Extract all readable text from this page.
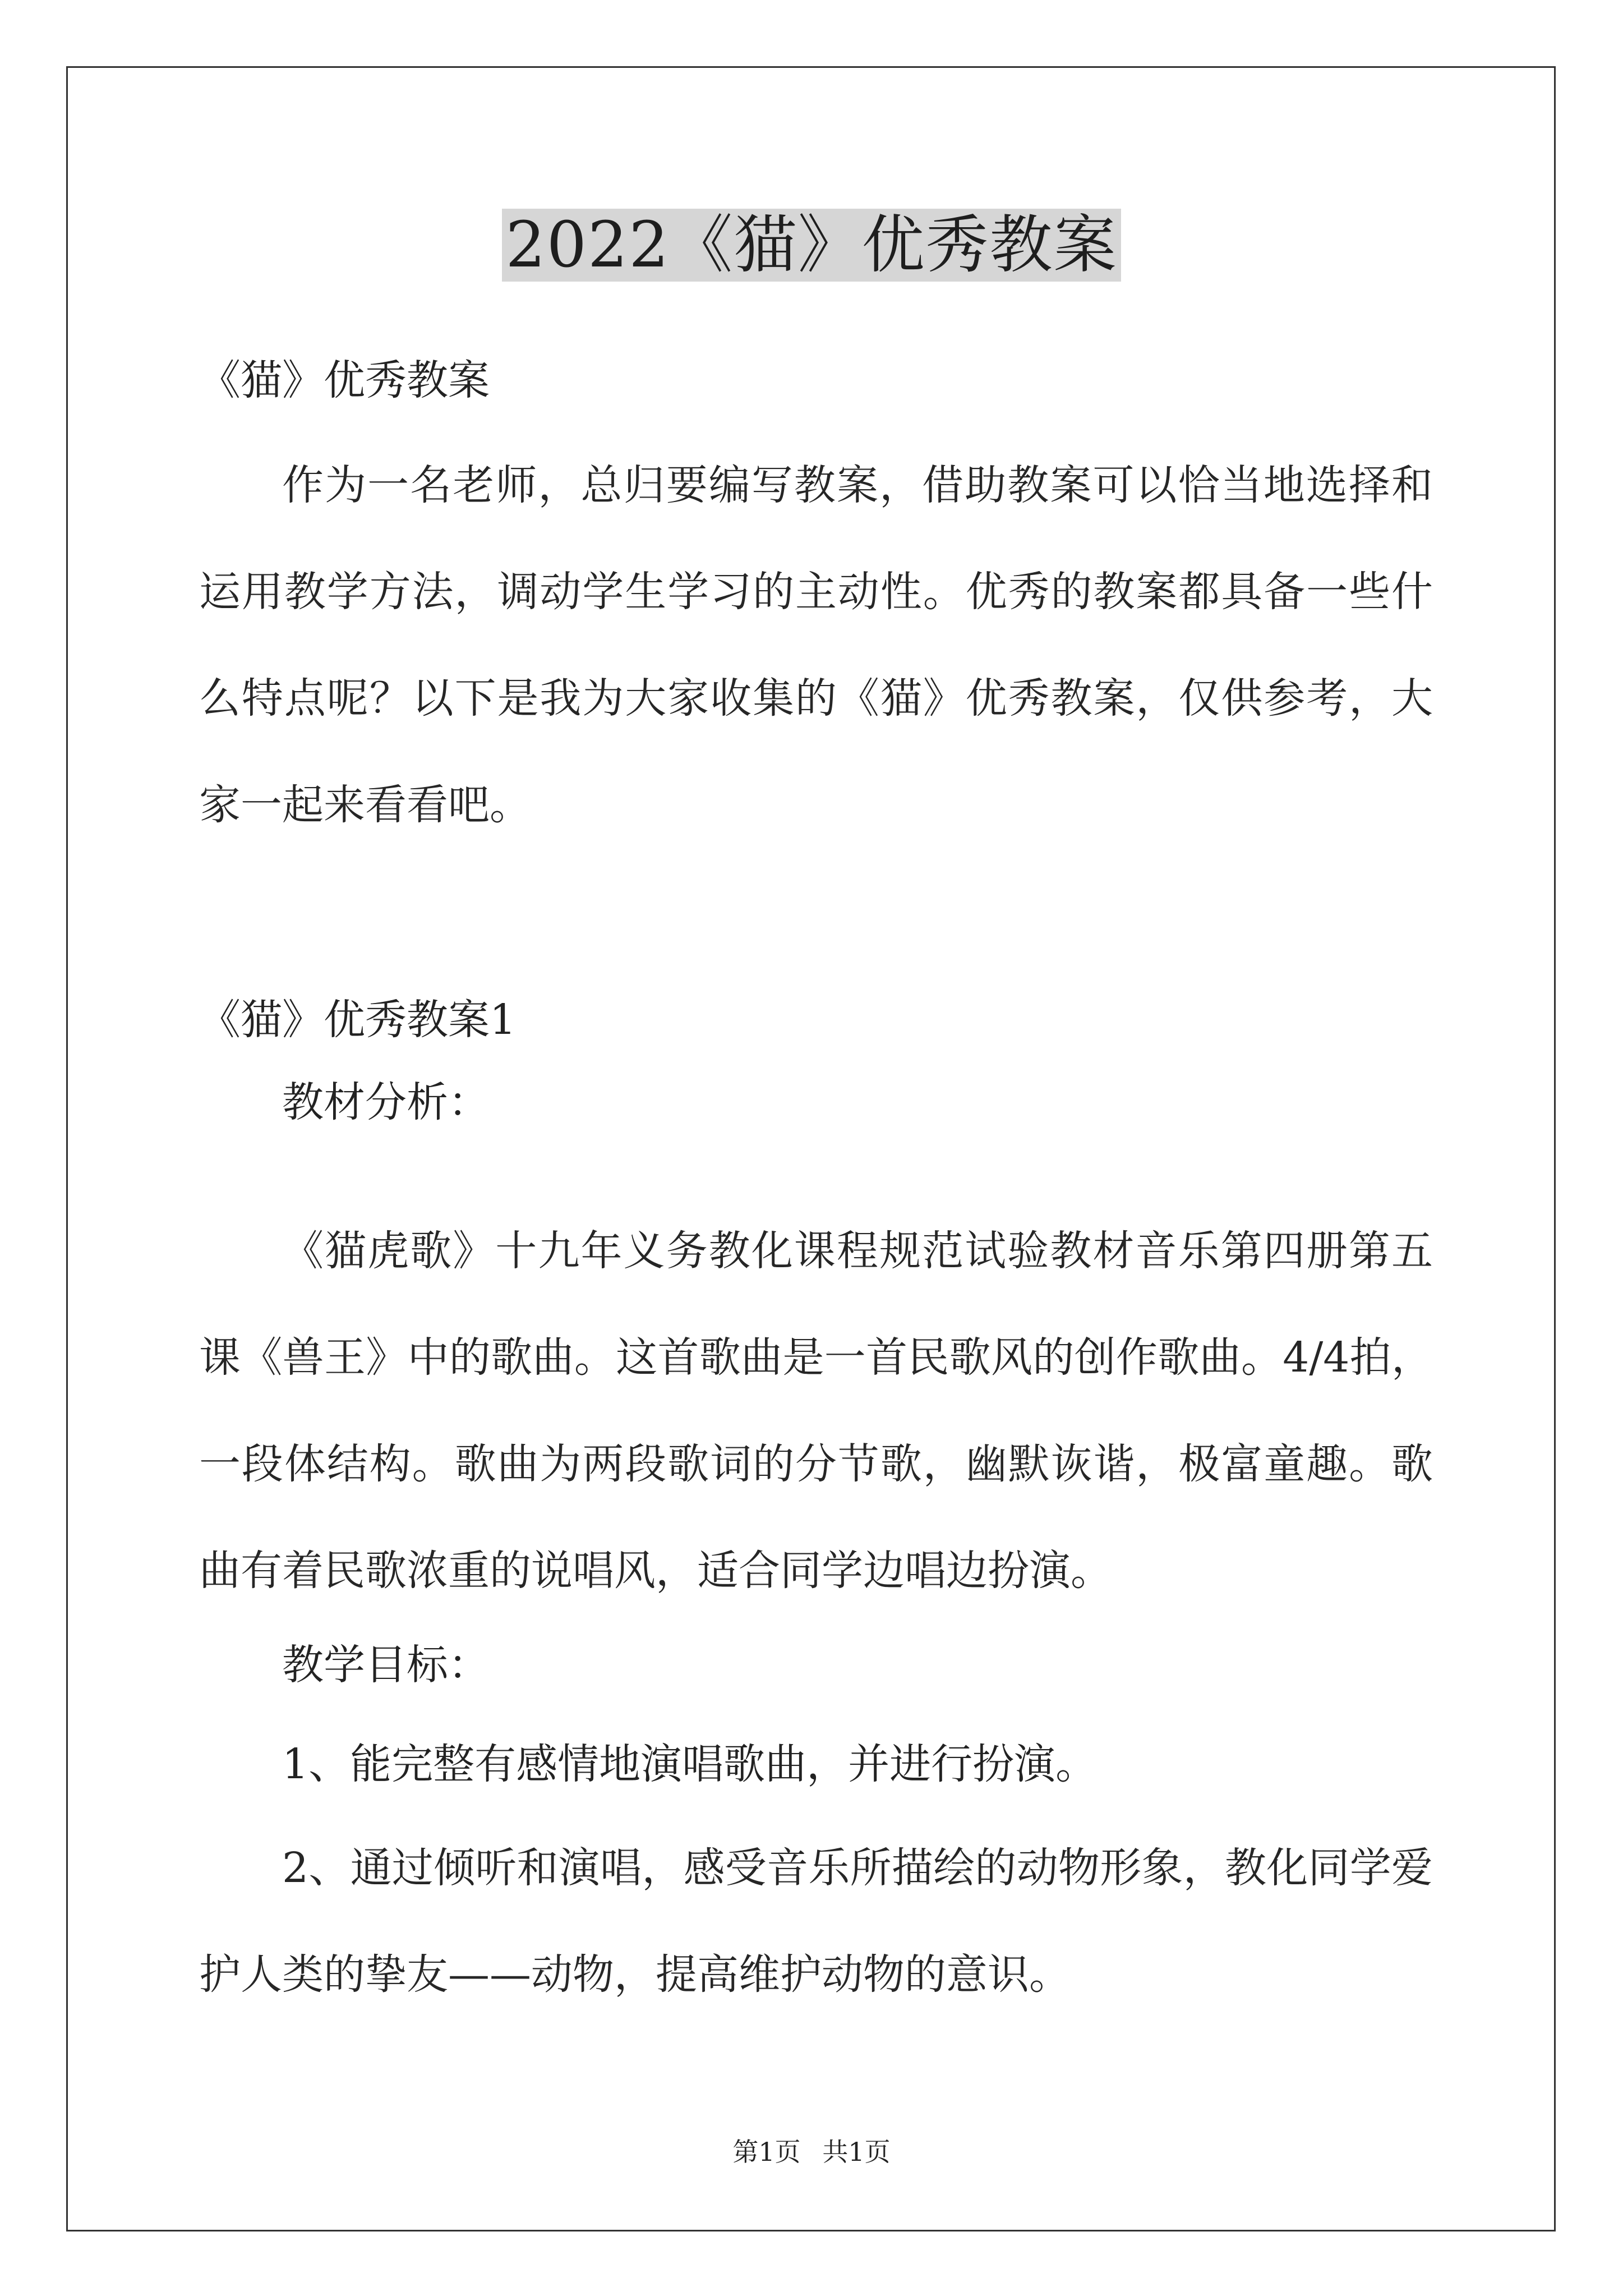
2022《猫》优秀教案
《猫》优秀教案

作为一名老师，总归要编写教案，借助教案可以恰当地选择和运用教学方法，调动学生学习的主动性。优秀的教案都具备一些什么特点呢？以下是我为大家收集的《猫》优秀教案，仅供参考，大家一起来看看吧。

《猫》优秀教案1
教材分析：

《猫虎歌》十九年义务教化课程规范试验教材音乐第四册第五课《兽王》中的歌曲。这首歌曲是一首民歌风的创作歌曲。4/4拍，一段体结构。歌曲为两段歌词的分节歌，幽默诙谐，极富童趣。歌曲有着民歌浓重的说唱风，适合同学边唱边扮演。

教学目标：
1、能完整有感情地演唱歌曲，并进行扮演。

2、通过倾听和演唱，感受音乐所描绘的动物形象，教化同学爱护人类的挚友——动物，提高维护动物的意识。

第1页 共1页
